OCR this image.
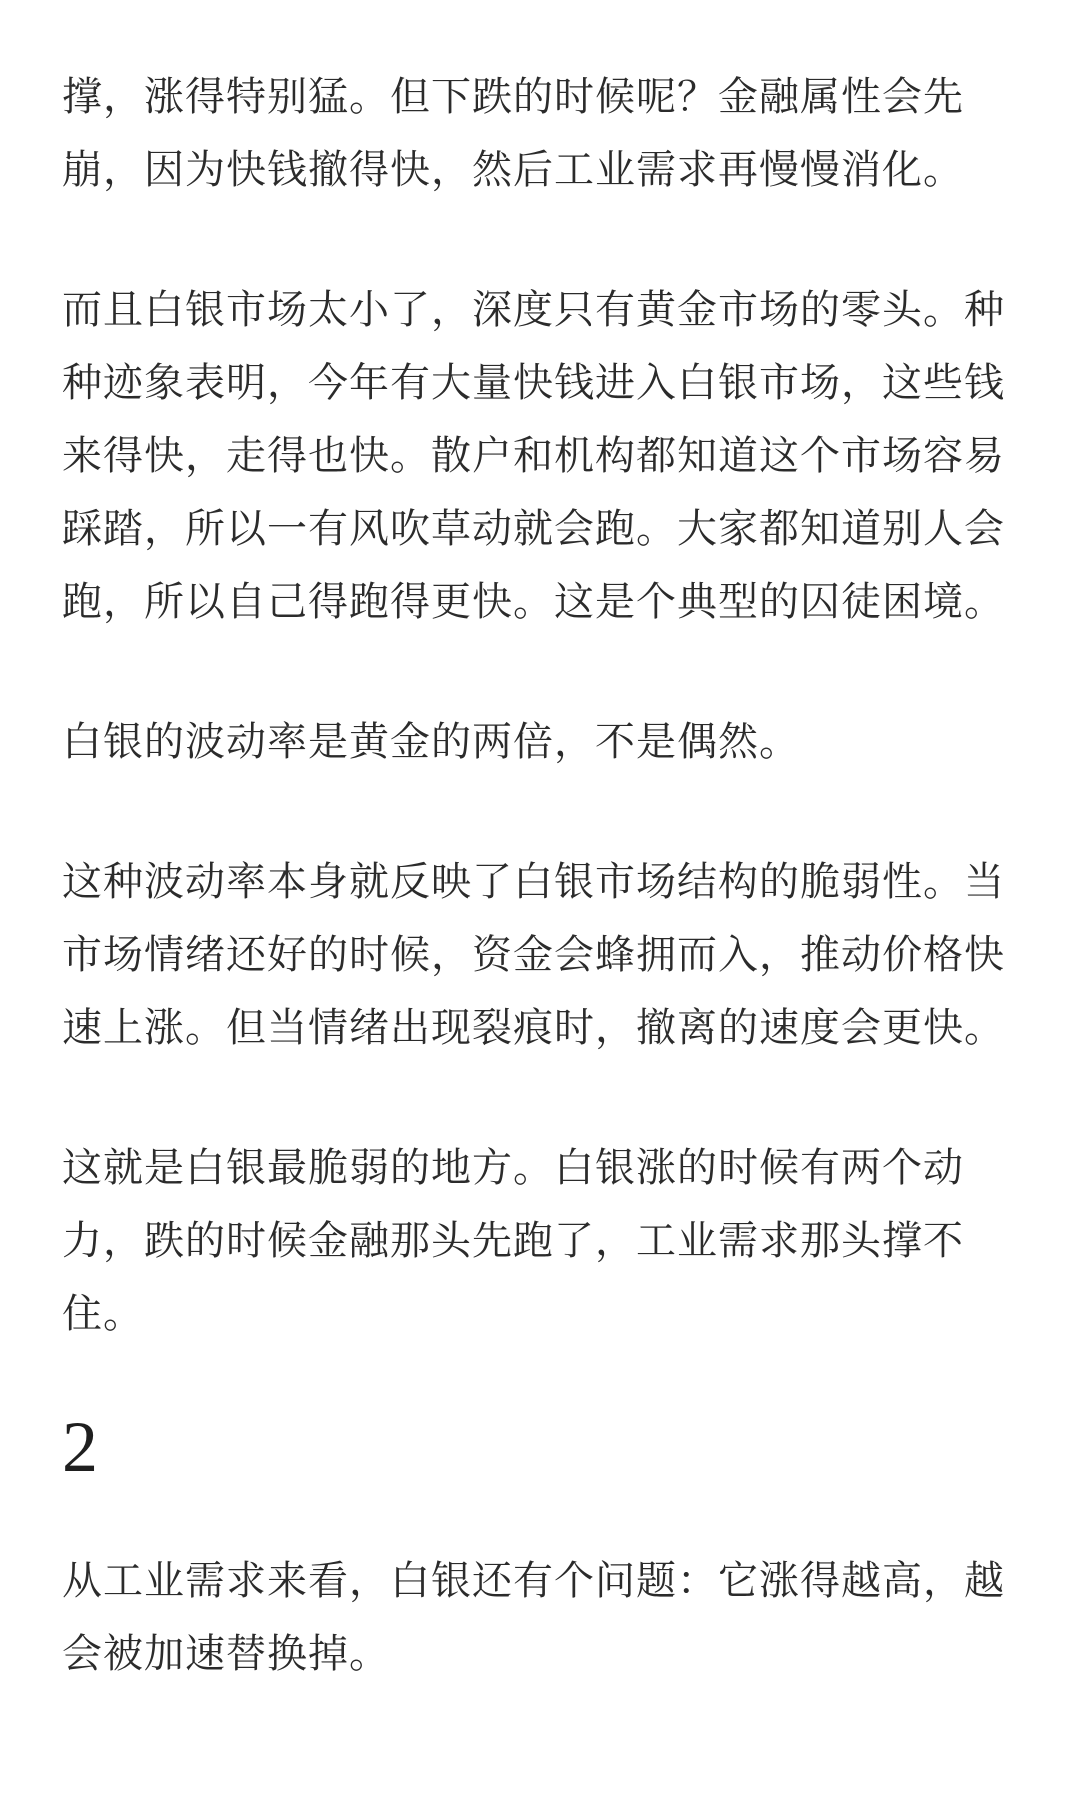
撑，涨得特别猛。但下跌的时候呢？金融属性会先
崩，因为快钱撤得快，然后工业需求再慢慢消化。

而且白银市场太小了，深度只有黄金市场的零头。种
种迹象表明，今年有大量快钱进入白银市场，这些钱
来得快，走得也快。散户和机构都知道这个市场容易
踩踏，所以一有风吹草动就会跑。大家都知道别人会
跑，所以自己得跑得更快。这是个典型的囚徒困境。

白银的波动率是黄金的两倍，不是偶然。

这种波动率本身就反映了白银市场结构的脆弱性。当
市场情绪还好的时候，资金会蜂拥而入，推动价格快
速上涨。但当情绪出现裂痕时，撤离的速度会更快。

这就是白银最脆弱的地方。白银涨的时候有两个动
力，跌的时候金融那头先跑了，工业需求那头撑不
住。

2

从工业需求来看，白银还有个问题：它涨得越高，越
会被加速替换掉。
